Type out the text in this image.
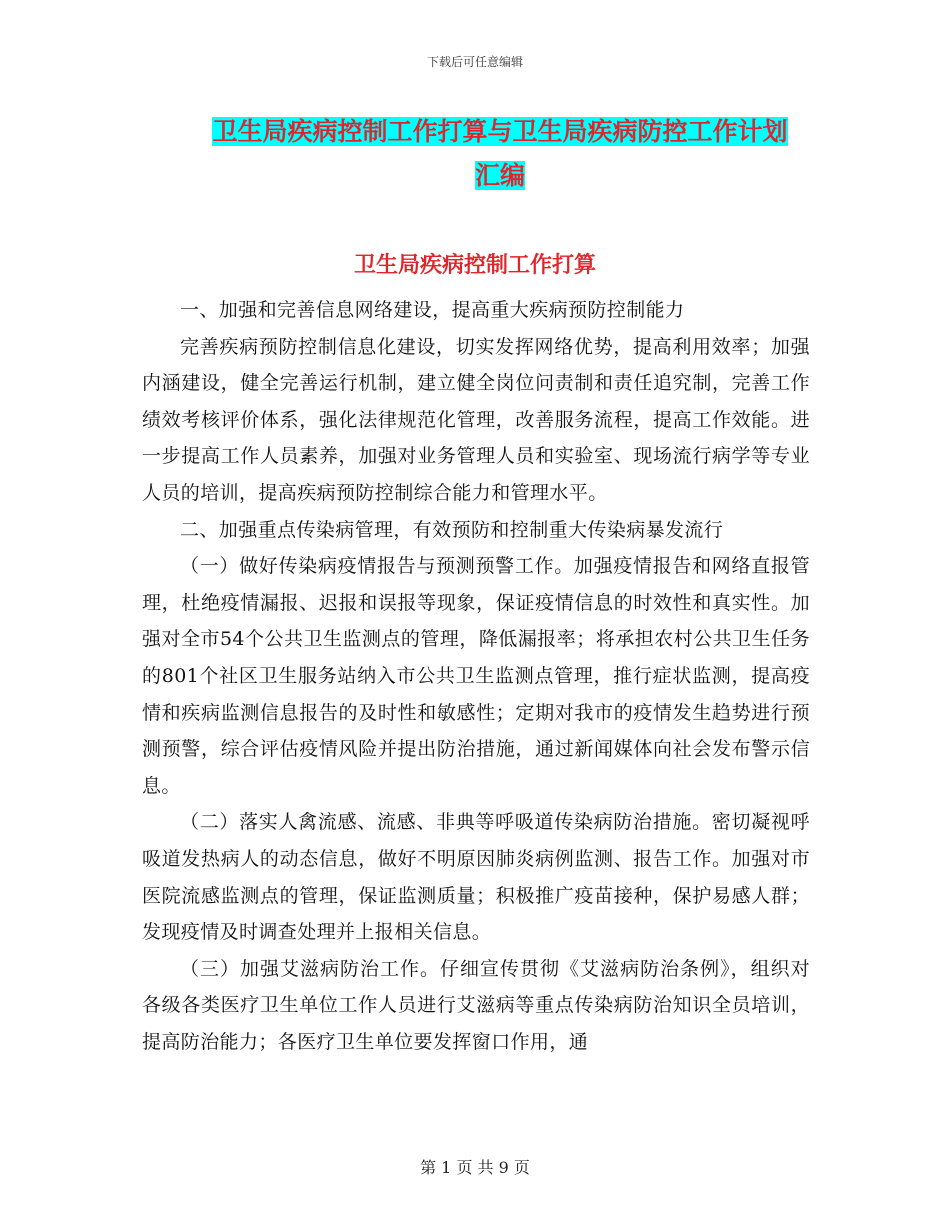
下载后可任意编辑
卫生局疾病控制工作打算与卫生局疾病防控工作计划
汇编
卫生局疾病控制工作打算

一、加强和完善信息网络建设，提高重大疾病预防控制能力

完善疾病预防控制信息化建设，切实发挥网络优势，提高利用效率；加强内涵建设，健全完善运行机制，建立健全岗位问责制和责任追究制，完善工作绩效考核评价体系，强化法律规范化管理，改善服务流程，提高工作效能。进一步提高工作人员素养，加强对业务管理人员和实验室、现场流行病学等专业人员的培训，提高疾病预防控制综合能力和管理水平。

二、加强重点传染病管理，有效预防和控制重大传染病暴发流行

（一）做好传染病疫情报告与预测预警工作。加强疫情报告和网络直报管理，杜绝疫情漏报、迟报和误报等现象，保证疫情信息的时效性和真实性。加强对全市54个公共卫生监测点的管理，降低漏报率；将承担农村公共卫生任务的801个社区卫生服务站纳入市公共卫生监测点管理，推行症状监测，提高疫情和疾病监测信息报告的及时性和敏感性；定期对我市的疫情发生趋势进行预测预警，综合评估疫情风险并提出防治措施，通过新闻媒体向社会发布警示信息。

（二）落实人禽流感、流感、非典等呼吸道传染病防治措施。密切凝视呼吸道发热病人的动态信息，做好不明原因肺炎病例监测、报告工作。加强对市医院流感监测点的管理，保证监测质量；积极推广疫苗接种，保护易感人群；发现疫情及时调查处理并上报相关信息。

（三）加强艾滋病防治工作。仔细宣传贯彻《艾滋病防治条例》，组织对各级各类医疗卫生单位工作人员进行艾滋病等重点传染病防治知识全员培训，提高防治能力；各医疗卫生单位要发挥窗口作用，通

第 1 页 共 9 页
